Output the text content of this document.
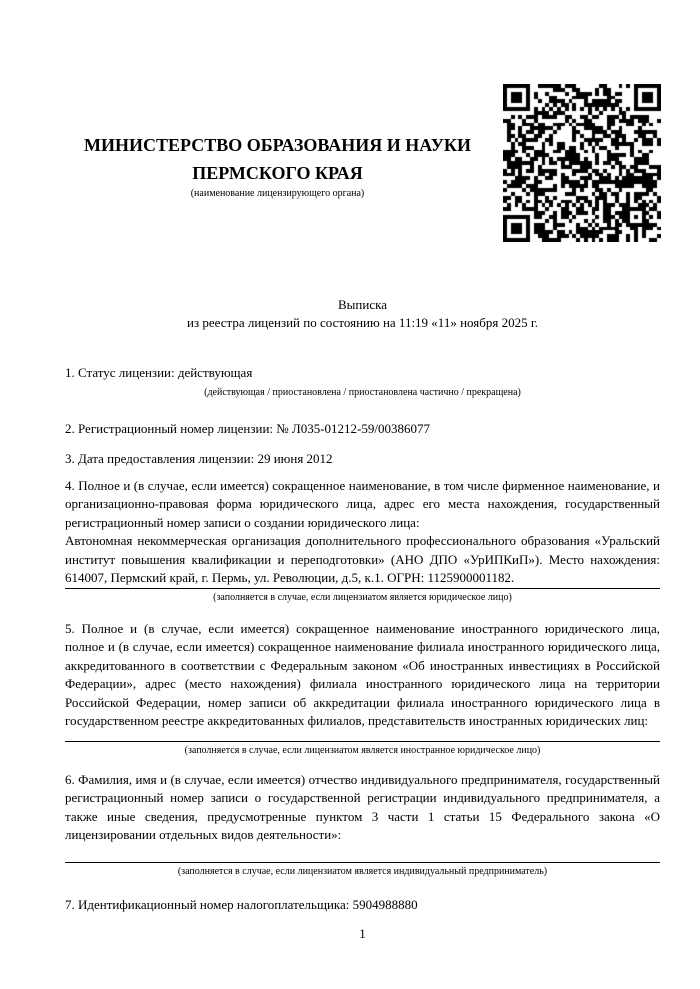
МИНИСТЕРСТВО ОБРАЗОВАНИЯ И НАУКИ
ПЕРМСКОГО КРАЯ
(наименование лицензирующего органа)
Выписка
из реестра лицензий по состоянию на 11:19 «11» ноября 2025 г.

1. Статус лицензии: действующая

(действующая / приостановлена / приостановлена частично / прекращена)

2. Регистрационный номер лицензии: № Л035-01212-59/00386077

3. Дата предоставления лицензии: 29 июня 2012

4. Полное и (в случае, если имеется) сокращенное наименование, в том числе фирменное наименование, и организационно-правовая форма юридического лица, адрес его места нахождения, государственный регистрационный номер записи о создании юридического лица:
Автономная некоммерческая организация дополнительного профессионального образования «Уральский институт повышения квалификации и переподготовки» (АНО ДПО «УрИПКиП»). Место нахождения: 614007, Пермский край, г. Пермь, ул. Революции, д.5, к.1. ОГРН: 1125900001182.

(заполняется в случае, если лицензиатом является юридическое лицо)

5. Полное и (в случае, если имеется) сокращенное наименование иностранного юридического лица, полное и (в случае, если имеется) сокращенное наименование филиала иностранного юридического лица, аккредитованного в соответствии с Федеральным законом «Об иностранных инвестициях в Российской Федерации», адрес (место нахождения) филиала иностранного юридического лица на территории Российской Федерации, номер записи об аккредитации филиала иностранного юридического лица в государственном реестре аккредитованных филиалов, представительств иностранных юридических лиц:

(заполняется в случае, если лицензиатом является иностранное юридическое лицо)

6. Фамилия, имя и (в случае, если имеется) отчество индивидуального предпринимателя, государственный регистрационный номер записи о государственной регистрации индивидуального предпринимателя, а также иные сведения, предусмотренные пунктом 3 части 1 статьи 15 Федерального закона «О лицензировании отдельных видов деятельности»:

(заполняется в случае, если лицензиатом является индивидуальный предприниматель)

7. Идентификационный номер налогоплательщика: 5904988880

1
